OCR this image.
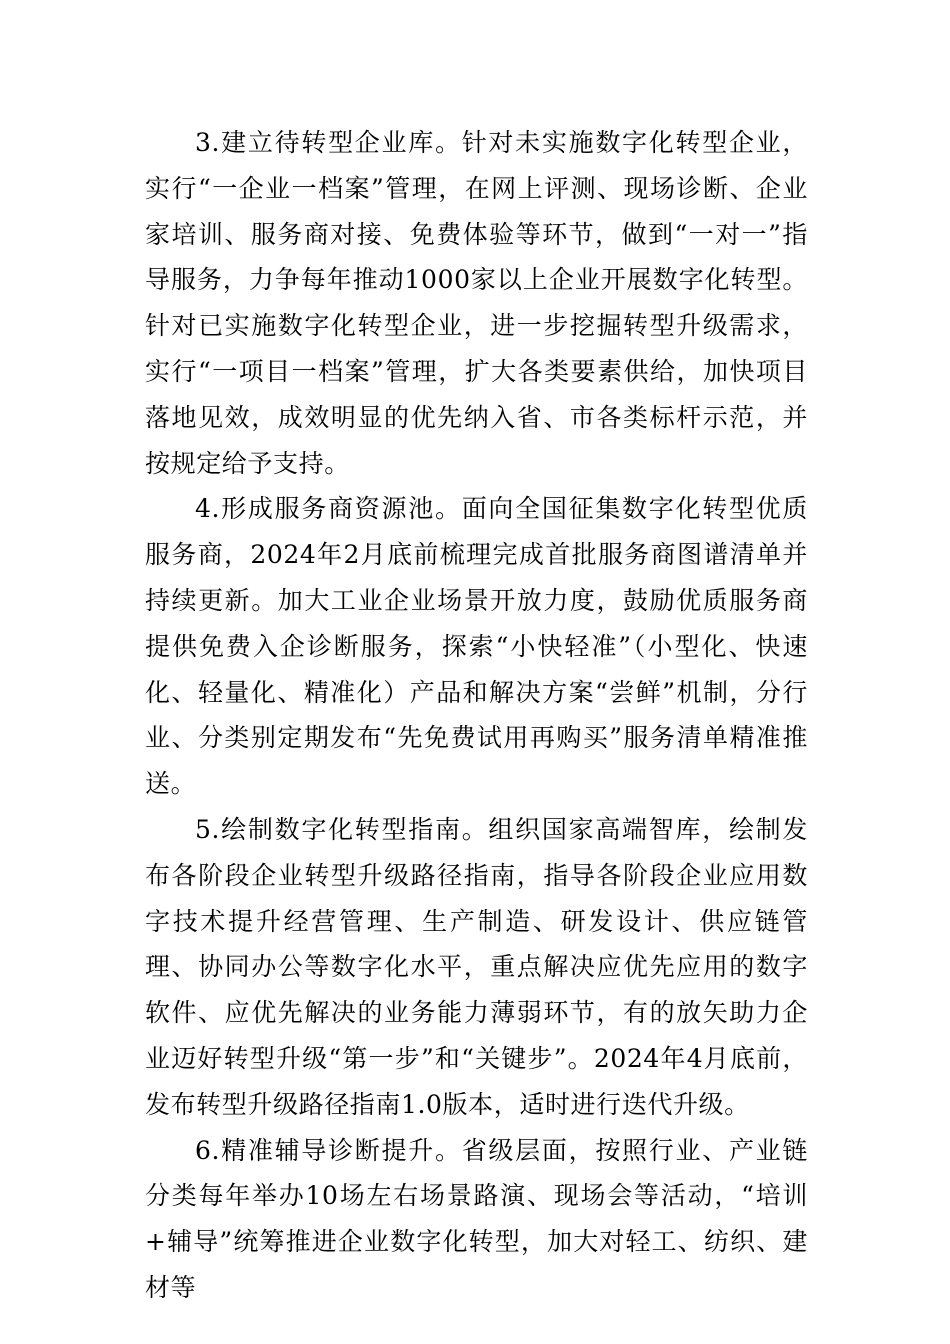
3.建立待转型企业库。针对未实施数字化转型企业，实行“一企业一档案”管理，在网上评测、现场诊断、企业家培训、服务商对接、免费体验等环节，做到“一对一”指导服务，力争每年推动1000家以上企业开展数字化转型。针对已实施数字化转型企业，进一步挖掘转型升级需求，实行“一项目一档案”管理，扩大各类要素供给，加快项目落地见效，成效明显的优先纳入省、市各类标杆示范，并按规定给予支持。

4.形成服务商资源池。面向全国征集数字化转型优质服务商，2024年2月底前梳理完成首批服务商图谱清单并持续更新。加大工业企业场景开放力度，鼓励优质服务商提供免费入企诊断服务，探索“小快轻准”（小型化、快速化、轻量化、精准化）产品和解决方案“尝鲜”机制，分行业、分类别定期发布“先免费试用再购买”服务清单精准推送。

5.绘制数字化转型指南。组织国家高端智库，绘制发布各阶段企业转型升级路径指南，指导各阶段企业应用数字技术提升经营管理、生产制造、研发设计、供应链管理、协同办公等数字化水平，重点解决应优先应用的数字软件、应优先解决的业务能力薄弱环节，有的放矢助力企业迈好转型升级“第一步”和“关键步”。2024年4月底前，发布转型升级路径指南1.0版本，适时进行迭代升级。

6.精准辅导诊断提升。省级层面，按照行业、产业链分类每年举办10场左右场景路演、现场会等活动，“培训+辅导”统筹推进企业数字化转型，加大对轻工、纺织、建材等
